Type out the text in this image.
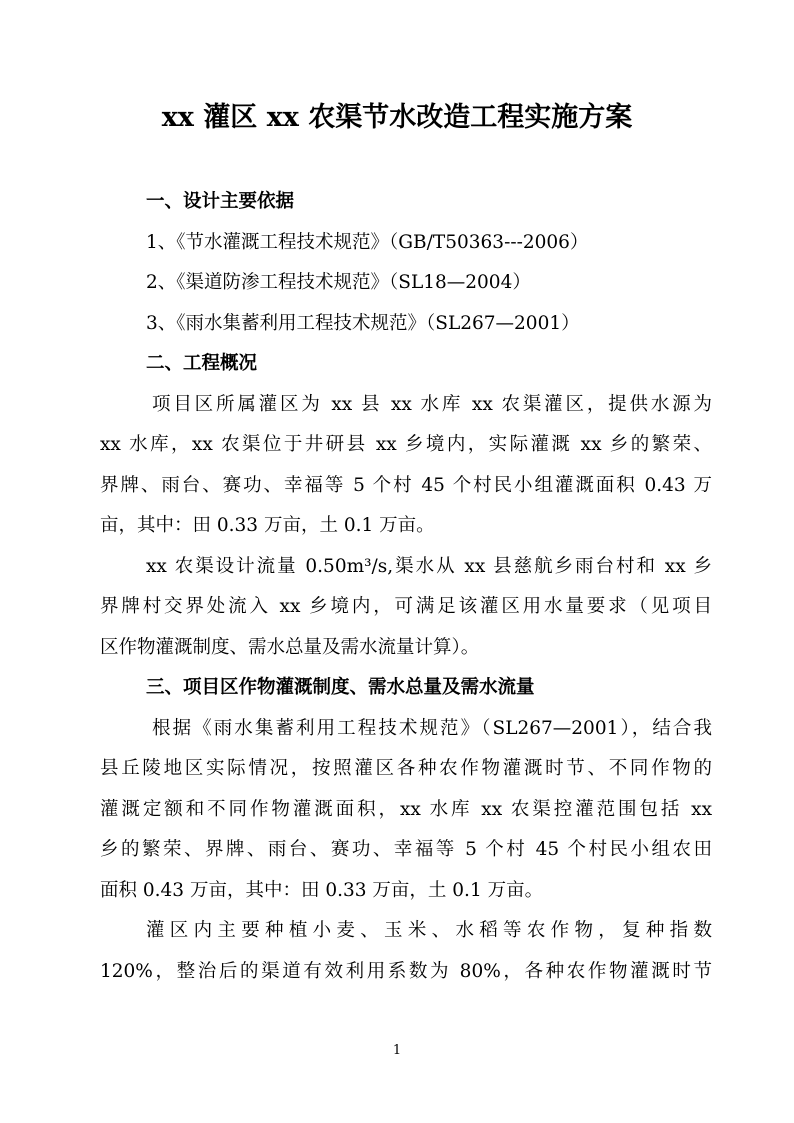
xx 灌区 xx 农渠节水改造工程实施方案
一、设计主要依据
1、《节水灌溉工程技术规范》（GB/T50363---2006）
2、《渠道防渗工程技术规范》（SL18—2004）
3、《雨水集蓄利用工程技术规范》（SL267—2001）
二、工程概况
项目区所属灌区为 xx 县 xx 水库 xx 农渠灌区，提供水源为
xx 水库，xx 农渠位于井研县 xx 乡境内，实际灌溉 xx 乡的繁荣、
界牌、雨台、赛功、幸福等 5 个村 45 个村民小组灌溉面积 0.43 万
亩，其中：田 0.33 万亩，土 0.1 万亩。
xx 农渠设计流量 0.50m³/s,渠水从 xx 县慈航乡雨台村和 xx 乡
界牌村交界处流入 xx 乡境内，可满足该灌区用水量要求（见项目
区作物灌溉制度、需水总量及需水流量计算）。
三、项目区作物灌溉制度、需水总量及需水流量
根据《雨水集蓄利用工程技术规范》（SL267—2001），结合我
县丘陵地区实际情况，按照灌区各种农作物灌溉时节、不同作物的
灌溉定额和不同作物灌溉面积，xx 水库 xx 农渠控灌范围包括 xx
乡的繁荣、界牌、雨台、赛功、幸福等 5 个村 45 个村民小组农田
面积 0.43 万亩，其中：田 0.33 万亩，土 0.1 万亩。
灌区内主要种植小麦、玉米、水稻等农作物，复种指数
120%，整治后的渠道有效利用系数为 80%，各种农作物灌溉时节
1
